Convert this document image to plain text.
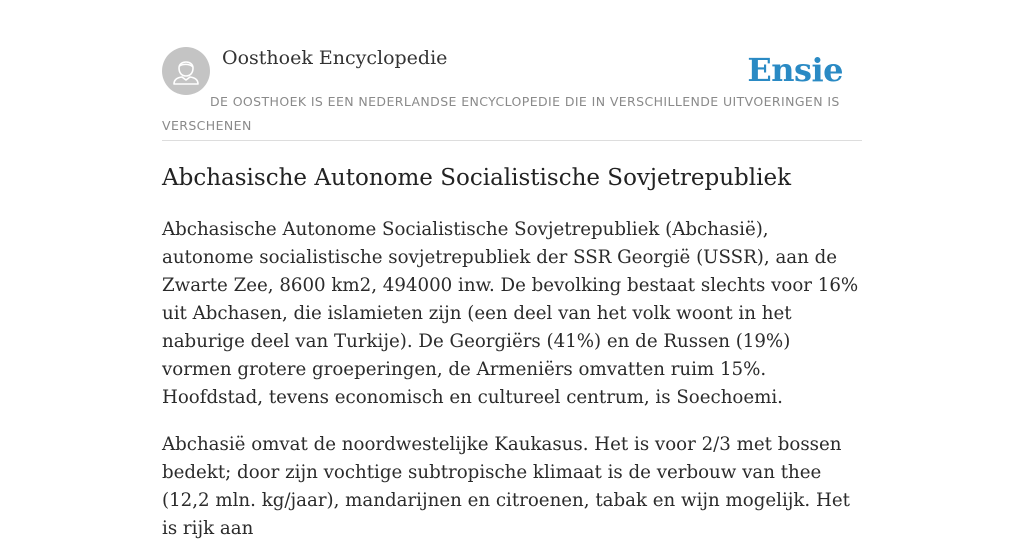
Oosthoek Encyclopedie	Ensie
DE OOSTHOEK IS EEN NEDERLANDSE ENCYCLOPEDIE DIE IN VERSCHILLENDE UITVOERINGEN IS VERSCHENEN
Abchasische Autonome Socialistische Sovjetrepubliek

Abchasische Autonome Socialistische Sovjetrepubliek (Abchasië), autonome socialistische sovjetrepubliek der SSR Georgië (USSR), aan de Zwarte Zee, 8600 km2, 494000 inw. De bevolking bestaat slechts voor 16% uit Abchasen, die islamieten zijn (een deel van het volk woont in het naburige deel van Turkije). De Georgiërs (41%) en de Russen (19%) vormen grotere groeperingen, de Armeniërs omvatten ruim 15%. Hoofdstad, tevens economisch en cultureel centrum, is Soechoemi.

Abchasië omvat de noordwestelijke Kaukasus. Het is voor 2/3 met bossen bedekt; door zijn vochtige subtropische klimaat is de verbouw van thee (12,2 mln. kg/jaar), mandarijnen en citroenen, tabak en wijn mogelijk. Het is rijk aan
